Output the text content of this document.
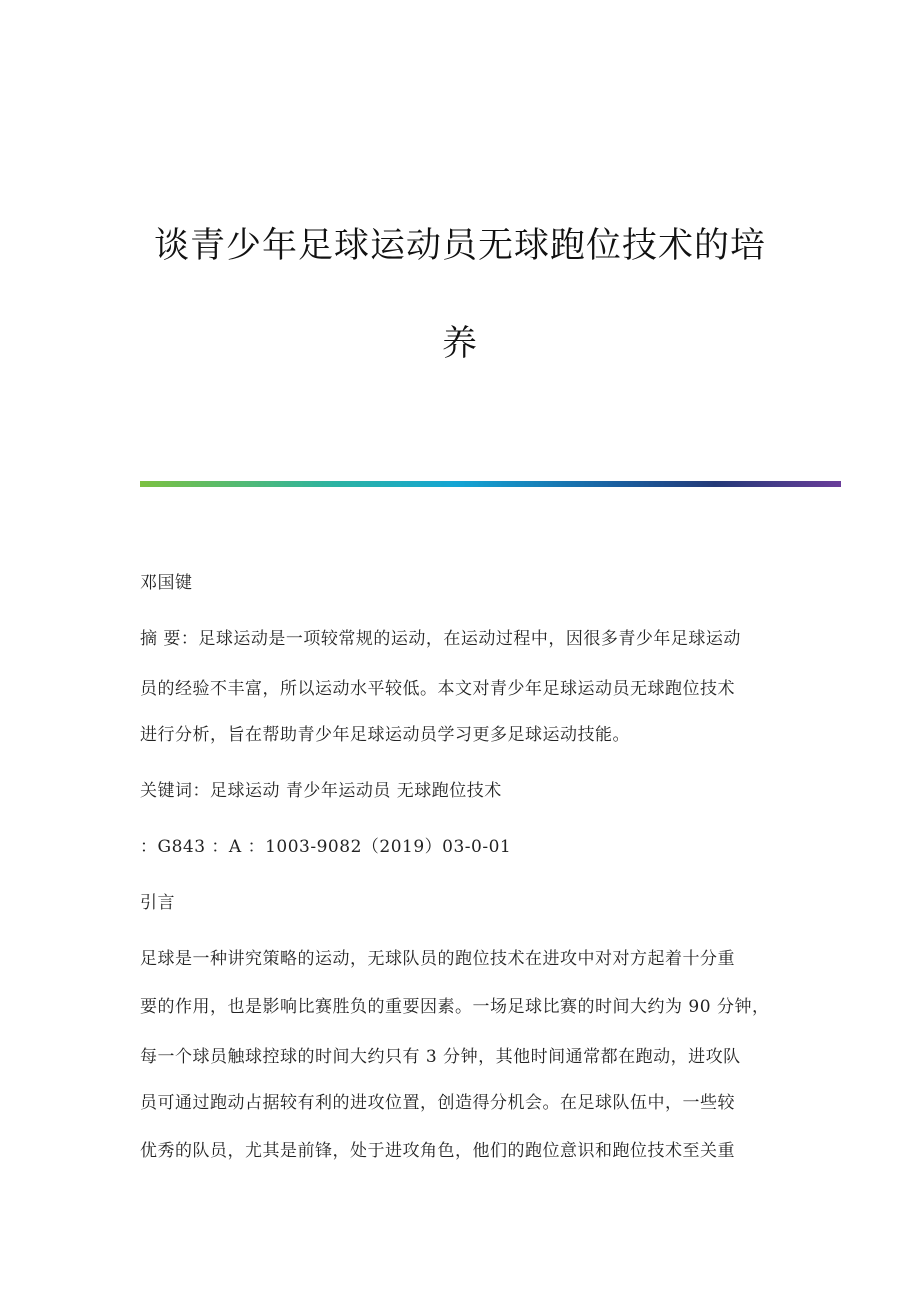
谈青少年足球运动员无球跑位技术的培
养
邓国键
摘 要：足球运动是一项较常规的运动，在运动过程中，因很多青少年足球运动
员的经验不丰富，所以运动水平较低。本文对青少年足球运动员无球跑位技术
进行分析，旨在帮助青少年足球运动员学习更多足球运动技能。
关键词：足球运动 青少年运动员 无球跑位技术
：G843 ：A ：1003-9082（2019）03-0-01
引言
足球是一种讲究策略的运动，无球队员的跑位技术在进攻中对对方起着十分重
要的作用，也是影响比赛胜负的重要因素。一场足球比赛的时间大约为 90 分钟，
每一个球员触球控球的时间大约只有 3 分钟，其他时间通常都在跑动，进攻队
员可通过跑动占据较有利的进攻位置，创造得分机会。在足球队伍中，一些较
优秀的队员，尤其是前锋，处于进攻角色，他们的跑位意识和跑位技术至关重
